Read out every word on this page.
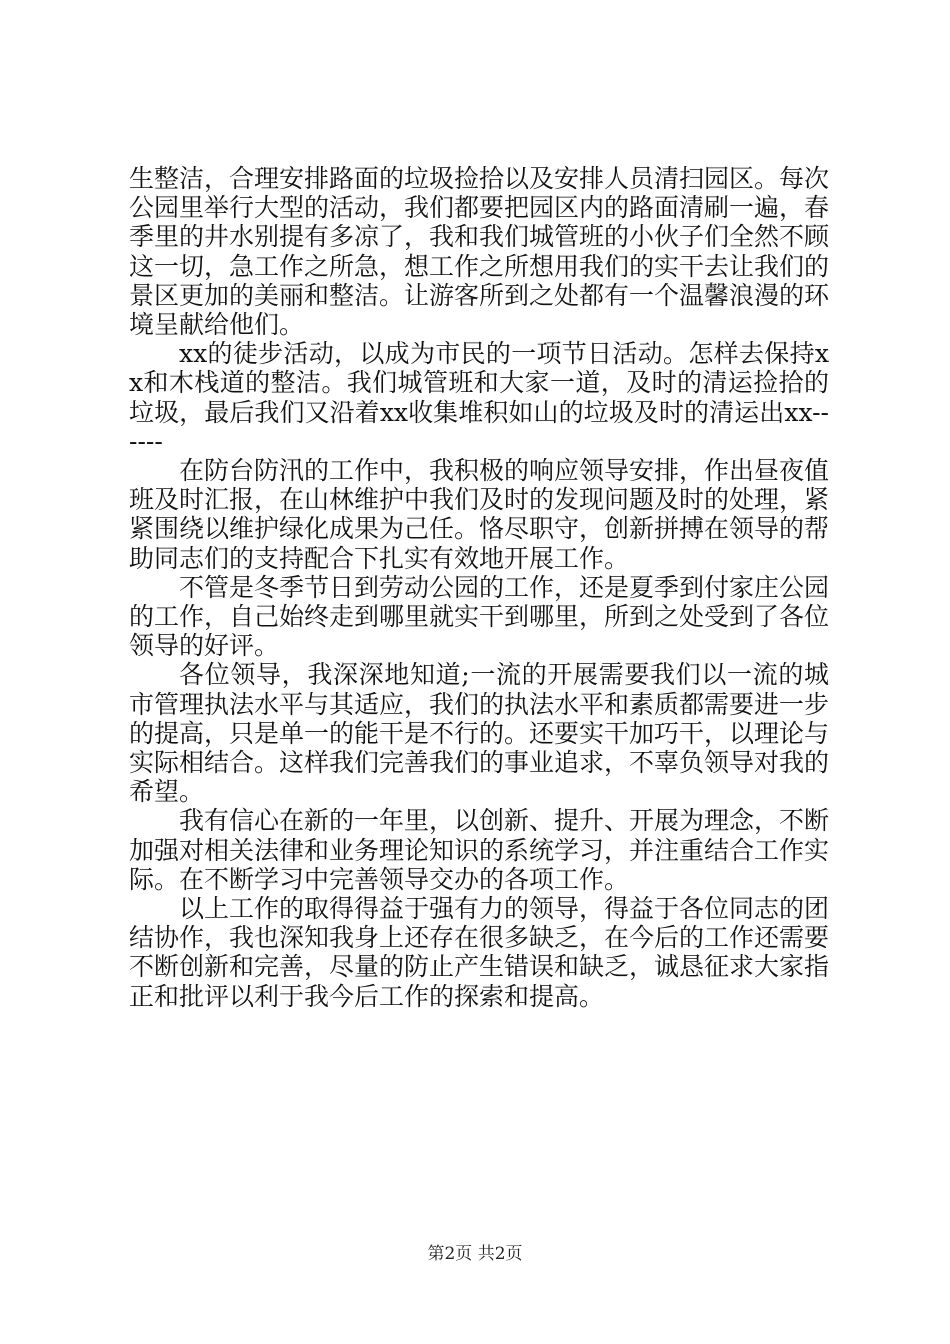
生整洁，合理安排路面的垃圾捡拾以及安排人员清扫园区。每次公园里举行大型的活动，我们都要把园区内的路面清刷一遍，春季里的井水别提有多凉了，我和我们城管班的小伙子们全然不顾这一切，急工作之所急，想工作之所想用我们的实干去让我们的景区更加的美丽和整洁。让游客所到之处都有一个温馨浪漫的环境呈献给他们。

xx的徒步活动，以成为市民的一项节日活动。怎样去保持xx和木栈道的整洁。我们城管班和大家一道，及时的清运捡拾的垃圾，最后我们又沿着xx收集堆积如山的垃圾及时的清运出xx------

在防台防汛的工作中，我积极的响应领导安排，作出昼夜值班及时汇报，在山林维护中我们及时的发现问题及时的处理，紧紧围绕以维护绿化成果为己任。恪尽职守，创新拼搏在领导的帮助同志们的支持配合下扎实有效地开展工作。

不管是冬季节日到劳动公园的工作，还是夏季到付家庄公园的工作，自己始终走到哪里就实干到哪里，所到之处受到了各位领导的好评。

各位领导，我深深地知道;一流的开展需要我们以一流的城市管理执法水平与其适应，我们的执法水平和素质都需要进一步的提高，只是单一的能干是不行的。还要实干加巧干，以理论与实际相结合。这样我们完善我们的事业追求，不辜负领导对我的希望。

我有信心在新的一年里，以创新、提升、开展为理念，不断加强对相关法律和业务理论知识的系统学习，并注重结合工作实际。在不断学习中完善领导交办的各项工作。

以上工作的取得得益于强有力的领导，得益于各位同志的团结协作，我也深知我身上还存在很多缺乏，在今后的工作还需要不断创新和完善，尽量的防止产生错误和缺乏，诚恳征求大家指正和批评以利于我今后工作的探索和提高。

第2页 共2页
